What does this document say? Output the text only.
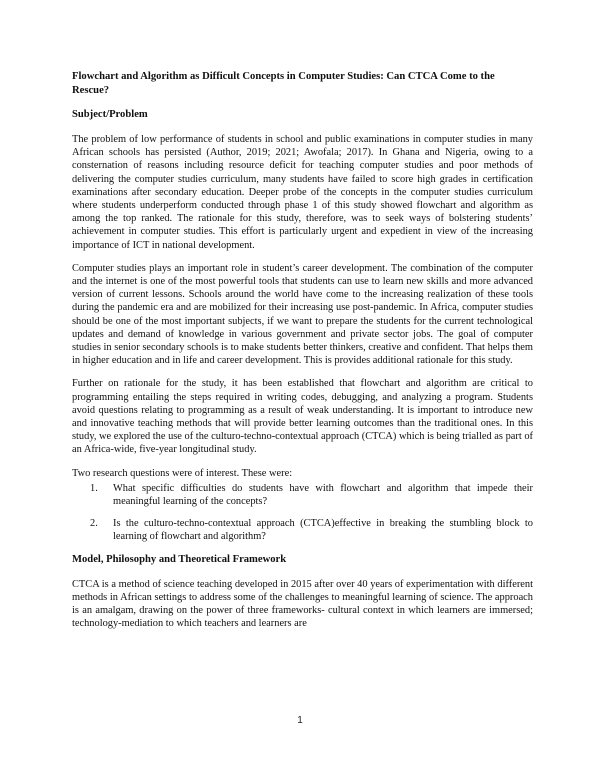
Flowchart and Algorithm as Difficult Concepts in Computer Studies: Can CTCA Come to the Rescue?
Subject/Problem

The problem of low performance of students in school and public examinations in computer studies in many African schools has persisted (Author, 2019; 2021; Awofala; 2017). In Ghana and Nigeria, owing to a consternation of reasons including resource deficit for teaching computer studies and poor methods of delivering the computer studies curriculum, many students have failed to score high grades in certification examinations after secondary education. Deeper probe of the concepts in the computer studies curriculum where students underperform conducted through phase 1 of this study showed flowchart and algorithm as among the top ranked. The rationale for this study, therefore, was to seek ways of bolstering students’ achievement in computer studies. This effort is particularly urgent and expedient in view of the increasing importance of ICT in national development.

Computer studies plays an important role in student’s career development. The combination of the computer and the internet is one of the most powerful tools that students can use to learn new skills and more advanced version of current lessons. Schools around the world have come to the increasing realization of these tools during the pandemic era and are mobilized for their increasing use post-pandemic. In Africa, computer studies should be one of the most important subjects, if we want to prepare the students for the current technological updates and demand of knowledge in various government and private sector jobs. The goal of computer studies in senior secondary schools is to make students better thinkers, creative and confident. That helps them in higher education and in life and career development. This is provides additional rationale for this study.

Further on rationale for the study, it has been established that flowchart and algorithm are critical to programming entailing the steps required in writing codes, debugging, and analyzing a program. Students avoid questions relating to programming as a result of weak understanding. It is important to introduce new and innovative teaching methods that will provide better learning outcomes than the traditional ones. In this study, we explored the use of the culturo-techno-contextual approach (CTCA) which is being trialled as part of an Africa-wide, five-year longitudinal study.

Two research questions were of interest. These were:

1.	What specific difficulties do students have with flowchart and algorithm that impede their meaningful learning of the concepts?
2.	Is the culturo-techno-contextual approach (CTCA)effective in breaking the stumbling block to learning of flowchart and algorithm?
Model, Philosophy and Theoretical Framework

CTCA is a method of science teaching developed in 2015 after over 40 years of experimentation with different methods in African settings to address some of the challenges to meaningful learning of science. The approach is an amalgam, drawing on the power of three frameworks- cultural context in which learners are immersed; technology-mediation to which teachers and learners are

1
